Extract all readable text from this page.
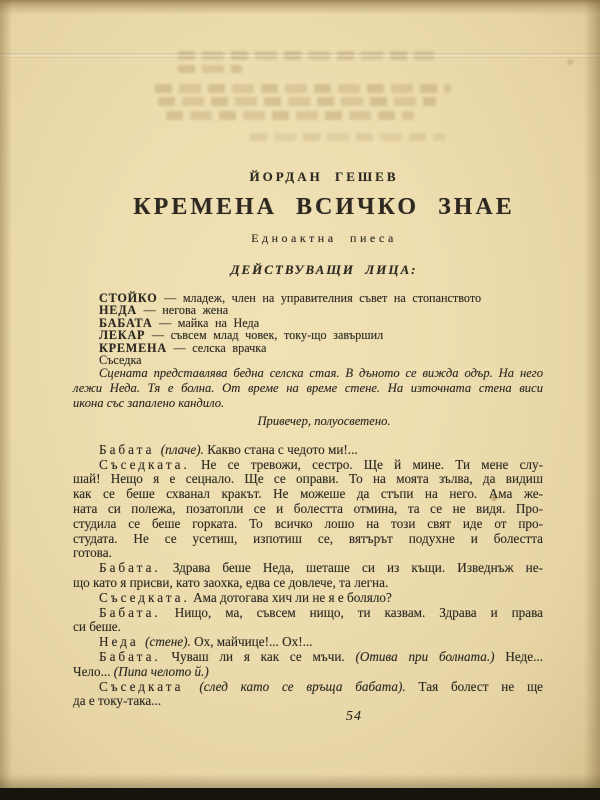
ЙОРДАН ГЕШЕВ
КРЕМЕНА ВСИЧКО ЗНАЕ
Едноактна пиеса
ДЕЙСТВУВАЩИ ЛИЦА:
СТОЙКО — младеж, член на управителния съвет на стопанството
НЕДА — негова жена
БАБАТА — майка на Неда
ЛЕКАР — съвсем млад човек, току-що завършил
КРЕМЕНА — селска врачка
Съседка
Сцената представлява бедна селска стая. В дъното се вижда одър. На него
лежи Неда. Тя е болна. От време на време стене. На източната стена виси
икона със запалено кандило.
Привечер, полуосветено.
Бабата (плаче). Какво стана с чедото ми!...
Съседката. Не се тревожи, сестро. Ще й мине. Ти мене слу-
шай! Нещо я е сецнало. Ще се оправи. То на моята зълва, да видиш
как се беше схванал кракът. Не можеше да стъпи на него. Ама же-
ната си полежа, позатопли се и болестта отмина, та се не видя. Про-
студила се беше горката. То всичко лошо на този свят иде от про-
студата. Не се усетиш, изпотиш се, вятърът подухне и болестта
готова.
Бабата. Здрава беше Неда, шеташе си из къщи. Изведнъж не-
що като я присви, като заохка, едва се довлече, та легна.
Съседката. Ама дотогава хич ли не я е боляло?
Бабата. Нищо, ма, съвсем нищо, ти казвам. Здрава и права
си беше.
Неда (стене). Ох, майчице!... Ох!...
Бабата. Чуваш ли я как се мъчи. (Отива при болната.) Неде...
Чело... (Пипа челото й.)
Съседката (след като се връща бабата). Тая болест не ще
да е току-така...
54
